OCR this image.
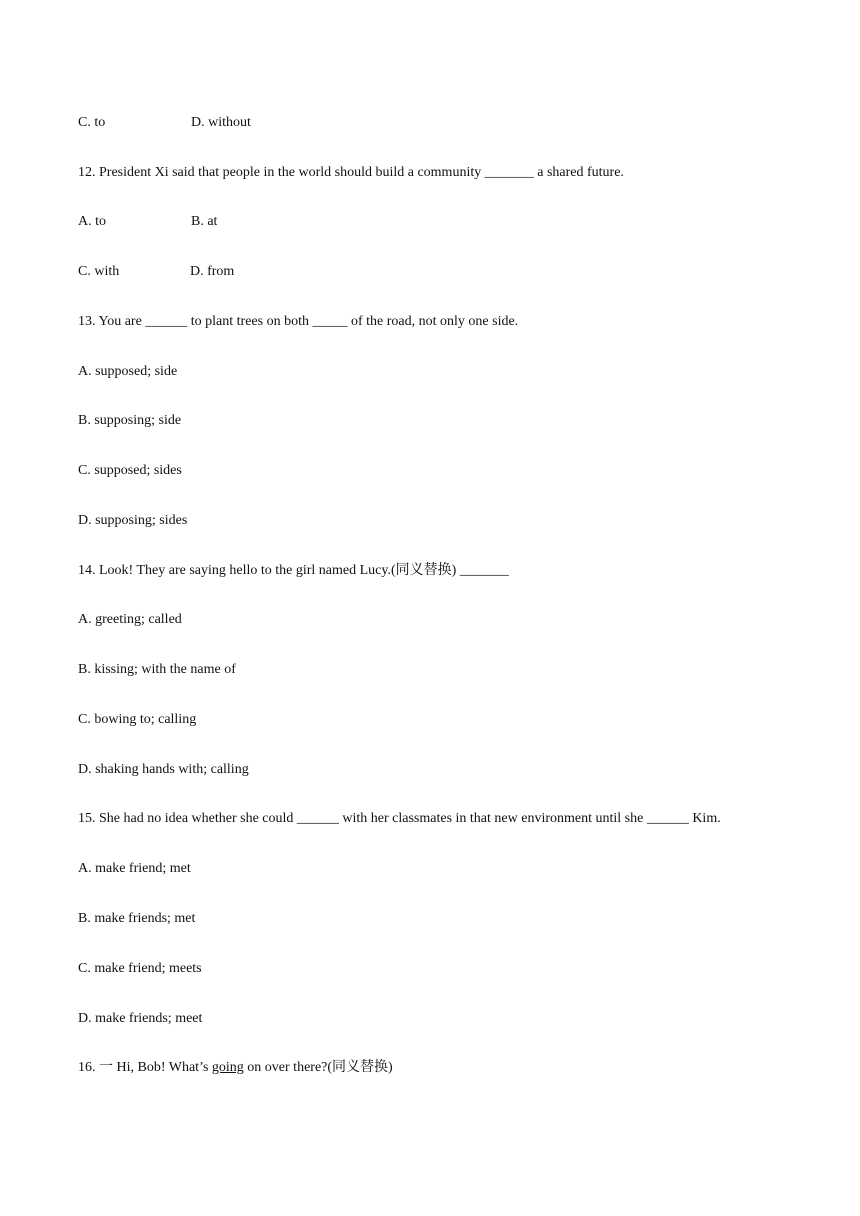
C. to	D. without
12. President Xi said that people in the world should build a community _______ a shared future.
A. to	B. at
C. with	D. from
13. You are ______ to plant trees on both _____ of the road, not only one side.
A. supposed; side
B. supposing; side
C. supposed; sides
D. supposing; sides
14. Look! They are saying hello to the girl named Lucy.(同义替换) _______
A. greeting; called
B. kissing; with the name of
C. bowing to; calling
D. shaking hands with; calling
15. She had no idea whether she could ______ with her classmates in that new environment until she ______ Kim.
A. make friend; met
B. make friends; met
C. make friend; meets
D. make friends; meet
16. 一 Hi, Bob! What’s going on over there?(同义替换)
